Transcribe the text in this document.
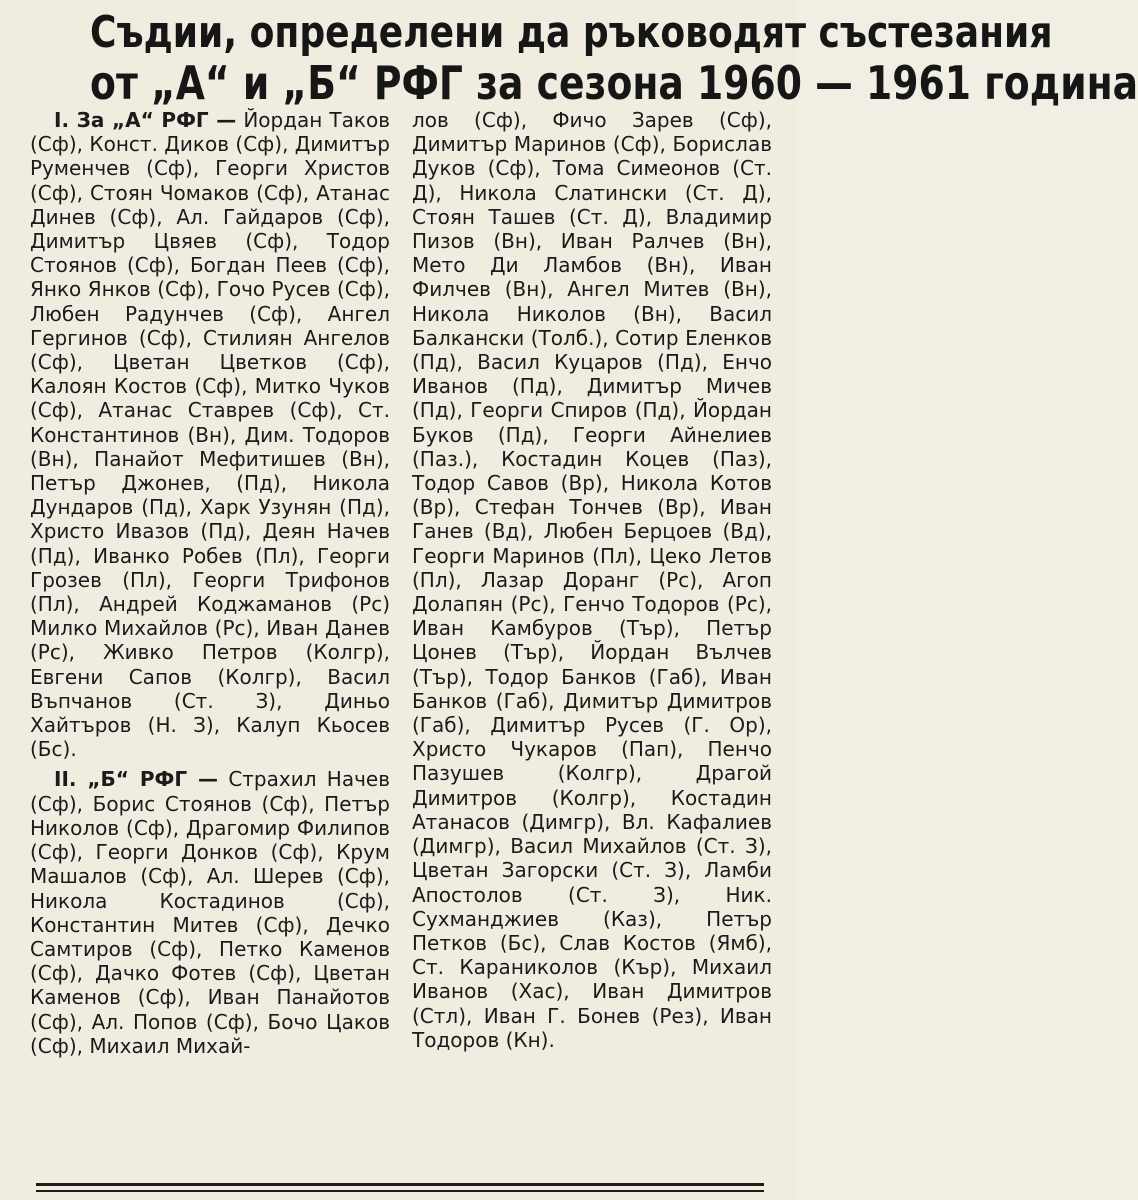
Съдии, определени да ръководят състезания
от „А“ и „Б“ РФГ за сезона 1960 — 1961 година

I. За „А“ РФГ — Йордан Таков (Сф), Конст. Диков (Сф), Димитър Руменчев (Сф), Георги Христов (Сф), Стоян Чомаков (Сф), Атанас Динев (Сф), Ал. Гайдаров (Сф), Димитър Цвяев (Сф), Тодор Стоянов (Сф), Богдан Пеев (Сф), Янко Янков (Сф), Гочо Русев (Сф), Любен Радунчев (Сф), Ангел Гергинов (Сф), Стилиян Ангелов (Сф), Цветан Цветков (Сф), Калоян Костов (Сф), Митко Чуков (Сф), Атанас Ставрев (Сф), Ст. Константинов (Вн), Дим. Тодоров (Вн), Панайот Мефитишев (Вн), Петър Джонев, (Пд), Никола Дундаров (Пд), Харк Узунян (Пд), Христо Ивазов (Пд), Деян Начев (Пд), Иванко Робев (Пл), Георги Грозев (Пл), Георги Трифонов (Пл), Андрей Коджаманов (Рс) Милко Михайлов (Рс), Иван Данев (Рс), Живко Петров (Колгр), Евгени Сапов (Колгр), Васил Въпчанов (Ст. З), Диньо Хайтъров (Н. З), Калуп Кьосев (Бс).

II. „Б“ РФГ — Страхил Начев (Сф), Борис Стоянов (Сф), Петър Николов (Сф), Драгомир Филипов (Сф), Георги Донков (Сф), Крум Машалов (Сф), Ал. Шерев (Сф), Никола Костадинов (Сф), Константин Митев (Сф), Дечко Самтиров (Сф), Петко Каменов (Сф), Дачко Фотев (Сф), Цветан Каменов (Сф), Иван Панайотов (Сф), Ал. Попов (Сф), Бочо Цаков (Сф), Михаил Михай-

лов (Сф), Фичо Зарев (Сф), Димитър Маринов (Сф), Борислав Дуков (Сф), Тома Симеонов (Ст. Д), Никола Слатински (Ст. Д), Стоян Ташев (Ст. Д), Владимир Пизов (Вн), Иван Ралчев (Вн), Мето Ди Ламбов (Вн), Иван Филчев (Вн), Ангел Митев (Вн), Никола Николов (Вн), Васил Балкански (Толб.), Сотир Еленков (Пд), Васил Куцаров (Пд), Енчо Иванов (Пд), Димитър Мичев (Пд), Георги Спиров (Пд), Йордан Буков (Пд), Георги Айнелиев (Паз.), Костадин Коцев (Паз), Тодор Савов (Вр), Никола Котов (Вр), Стефан Тончев (Вр), Иван Ганев (Вд), Любен Берцоев (Вд), Георги Маринов (Пл), Цеко Летов (Пл), Лазар Доранг (Рс), Агоп Долапян (Рс), Генчо Тодоров (Рс), Иван Камбуров (Тър), Петър Цонев (Тър), Йордан Вълчев (Тър), Тодор Банков (Габ), Иван Банков (Габ), Димитър Димитров (Габ), Димитър Русев (Г. Ор), Христо Чукаров (Пап), Пенчо Пазушев (Колгр), Драгой Димитров (Колгр), Костадин Атанасов (Димгр), Вл. Кафалиев (Димгр), Васил Михайлов (Ст. З), Цветан Загорски (Ст. З), Ламби Апостолов (Ст. З), Ник. Сухманджиев (Каз), Петър Петков (Бс), Слав Костов (Ямб), Ст. Караниколов (Кър), Михаил Иванов (Хас), Иван Димитров (Стл), Иван Г. Бонев (Рез), Иван Тодоров (Кн).
